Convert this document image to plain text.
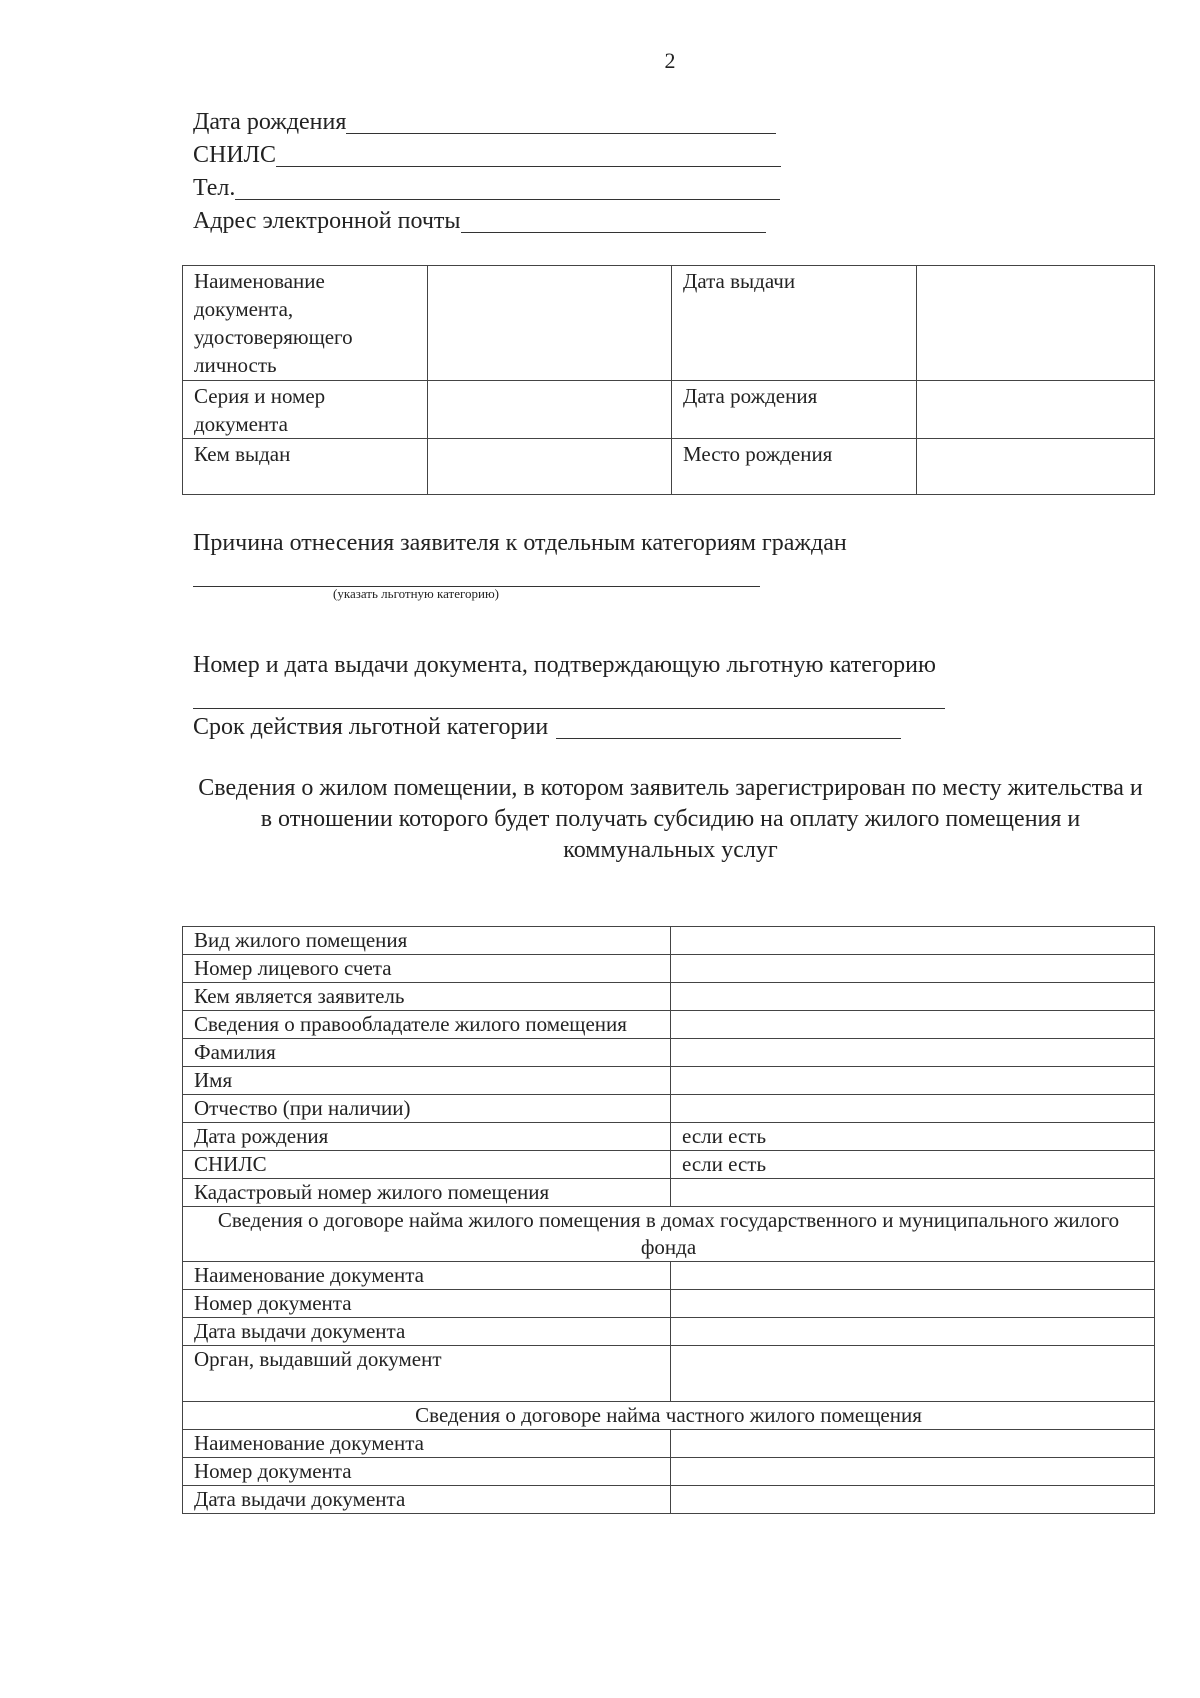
2
Дата рождения
СНИЛС
Тел.
Адрес электронной почты
Наименование документа, удостоверяющего личность		Дата выдачи	
Серия и номер документа		Дата рождения	
Кем выдан		Место рождения	
Причина отнесения заявителя к отдельным категориям граждан
(указать льготную категорию)
Номер и дата выдачи документа, подтверждающую льготную категорию
Срок действия льготной категории
Сведения о жилом помещении, в котором заявитель зарегистрирован по месту жительства и в отношении которого будет получать субсидию на оплату жилого помещения и коммунальных услуг
Вид жилого помещения	
Номер лицевого счета	
Кем является заявитель	
Сведения о правообладателе жилого помещения	
Фамилия	
Имя	
Отчество (при наличии)	
Дата рождения	если есть
СНИЛС	если есть
Кадастровый номер жилого помещения	
Сведения о договоре найма жилого помещения в домах государственного и муниципального жилого фонда	
Наименование документа	
Номер документа	
Дата выдачи документа	
Орган, выдавший документ	
Сведения о договоре найма частного жилого помещения	
Наименование документа	
Номер документа	
Дата выдачи документа	
